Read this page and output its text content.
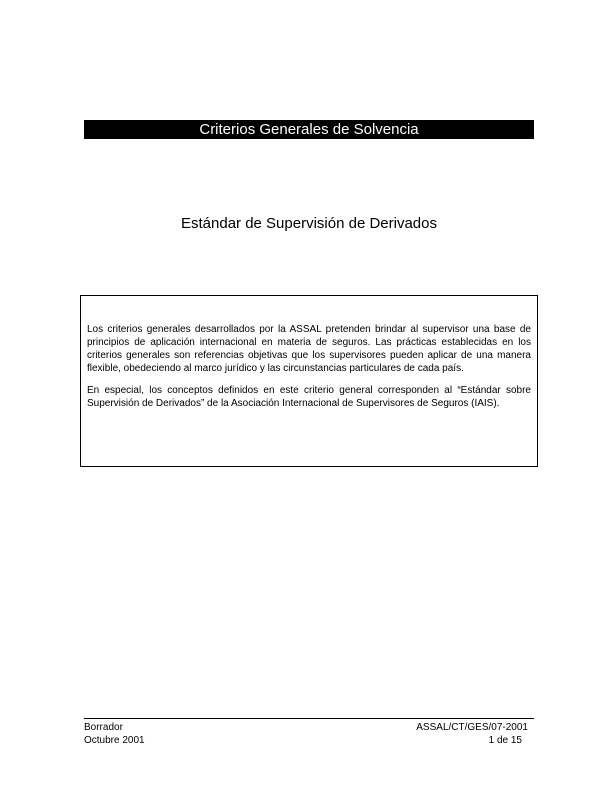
Criterios Generales de Solvencia
Estándar de Supervisión de Derivados

Los criterios generales desarrollados por la ASSAL pretenden brindar al supervisor una base de principios de aplicación internacional en materia de seguros. Las prácticas establecidas en los criterios generales son referencias objetivas que los supervisores pueden aplicar de una manera flexible, obedeciendo al marco jurídico y las circunstancias particulares de cada país.

En especial, los conceptos definidos en este criterio general corresponden al “Estándar sobre Supervisión de Derivados” de la Asociación Internacional de Supervisores de Seguros (IAIS).

Borrador
Octubre 2001
ASSAL/CT/GES/07-2001
1 de 15
